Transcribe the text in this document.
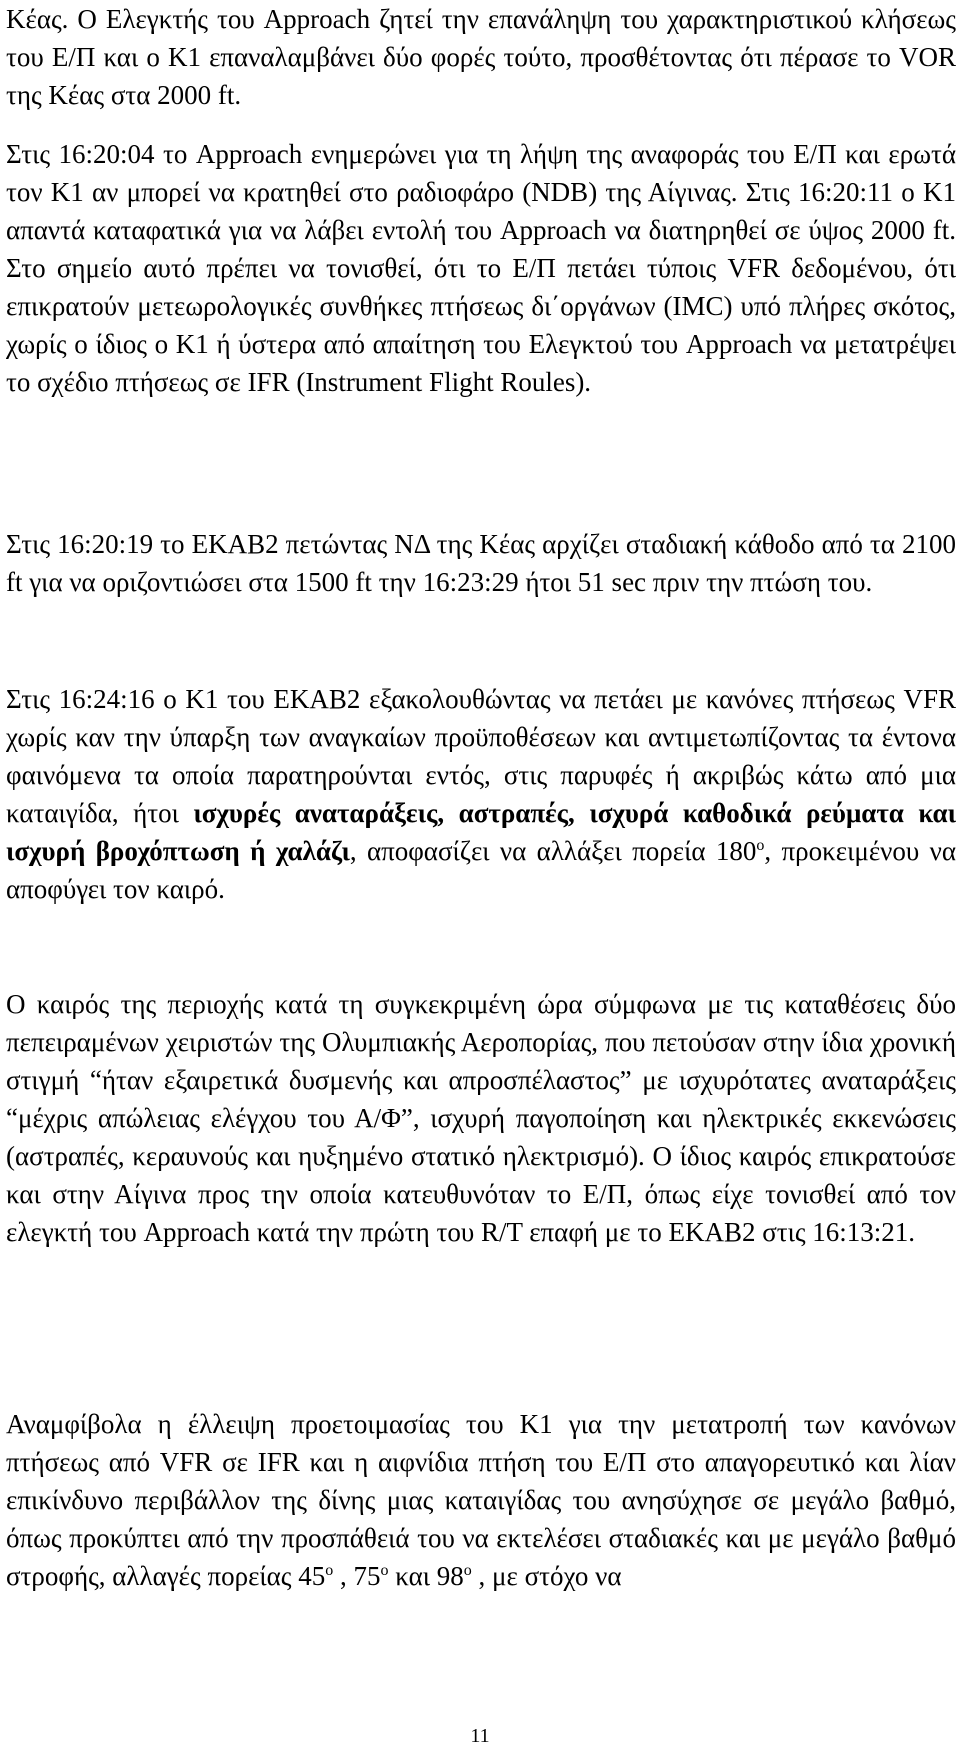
Κέας. Ο Ελεγκτής του Approach ζητεί την επανάληψη του χαρακτηριστικού κλήσεως του Ε/Π και ο Κ1 επαναλαμβάνει δύο φορές τούτο, προσθέτοντας ότι πέρασε το VOR της Κέας στα 2000 ft.

Στις 16:20:04 το Approach ενημερώνει για τη λήψη της αναφοράς του Ε/Π και ερωτά τον Κ1 αν μπορεί να κρατηθεί στο ραδιοφάρο (NDB) της Αίγινας. Στις 16:20:11 ο Κ1 απαντά καταφατικά για να λάβει εντολή του Approach να διατηρηθεί σε ύψος 2000 ft. Στο σημείο αυτό πρέπει να τονισθεί, ότι το Ε/Π πετάει τύποις VFR δεδομένου, ότι επικρατούν μετεωρολογικές συνθήκες πτήσεως δι΄οργάνων (IMC) υπό πλήρες σκότος, χωρίς ο ίδιος ο Κ1 ή ύστερα από απαίτηση του Ελεγκτού του Approach να μετατρέψει το σχέδιο πτήσεως σε IFR (Instrument Flight Roules).

Στις 16:20:19 το ΕΚΑΒ2 πετώντας ΝΔ της Κέας αρχίζει σταδιακή κάθοδο από τα 2100 ft για να οριζοντιώσει στα 1500 ft την 16:23:29 ήτοι 51 sec πριν την πτώση του.

Στις 16:24:16 ο Κ1 του ΕΚΑΒ2 εξακολουθώντας να πετάει με κανόνες πτήσεως VFR χωρίς καν την ύπαρξη των αναγκαίων προϋποθέσεων και αντιμετωπίζοντας τα έντονα φαινόμενα τα οποία παρατηρούνται εντός, στις παρυφές ή ακριβώς κάτω από μια καταιγίδα, ήτοι ισχυρές αναταράξεις, αστραπές, ισχυρά καθοδικά ρεύματα και ισχυρή βροχόπτωση ή χαλάζι, αποφασίζει να αλλάξει πορεία $180^o$, προκειμένου να αποφύγει τον καιρό.

Ο καιρός της περιοχής κατά τη συγκεκριμένη ώρα σύμφωνα με τις καταθέσεις δύο πεπειραμένων χειριστών της Ολυμπιακής Αεροπορίας, που πετούσαν στην ίδια χρονική στιγμή “ήταν εξαιρετικά δυσμενής και απροσπέλαστος” με ισχυρότατες αναταράξεις “μέχρις απώλειας ελέγχου του Α/Φ”, ισχυρή παγοποίηση και ηλεκτρικές εκκενώσεις (αστραπές, κεραυνούς και ηυξημένο στατικό ηλεκτρισμό). Ο ίδιος καιρός επικρατούσε και στην Αίγινα προς την οποία κατευθυνόταν το Ε/Π, όπως είχε τονισθεί από τον ελεγκτή του Approach κατά την πρώτη του R/T επαφή με το ΕΚΑΒ2 στις 16:13:21.

Αναμφίβολα η έλλειψη προετοιμασίας του Κ1 για την μετατροπή των κανόνων πτήσεως από VFR σε IFR και η αιφνίδια πτήση του Ε/Π στο απαγορευτικό και λίαν επικίνδυνο περιβάλλον της δίνης μιας καταιγίδας του ανησύχησε σε μεγάλο βαθμό, όπως προκύπτει από την προσπάθειά του να εκτελέσει σταδιακές και με μεγάλο βαθμό στροφής, αλλαγές πορείας $45^o$ , $75^o$ και $98^o$ , με στόχο να

11
